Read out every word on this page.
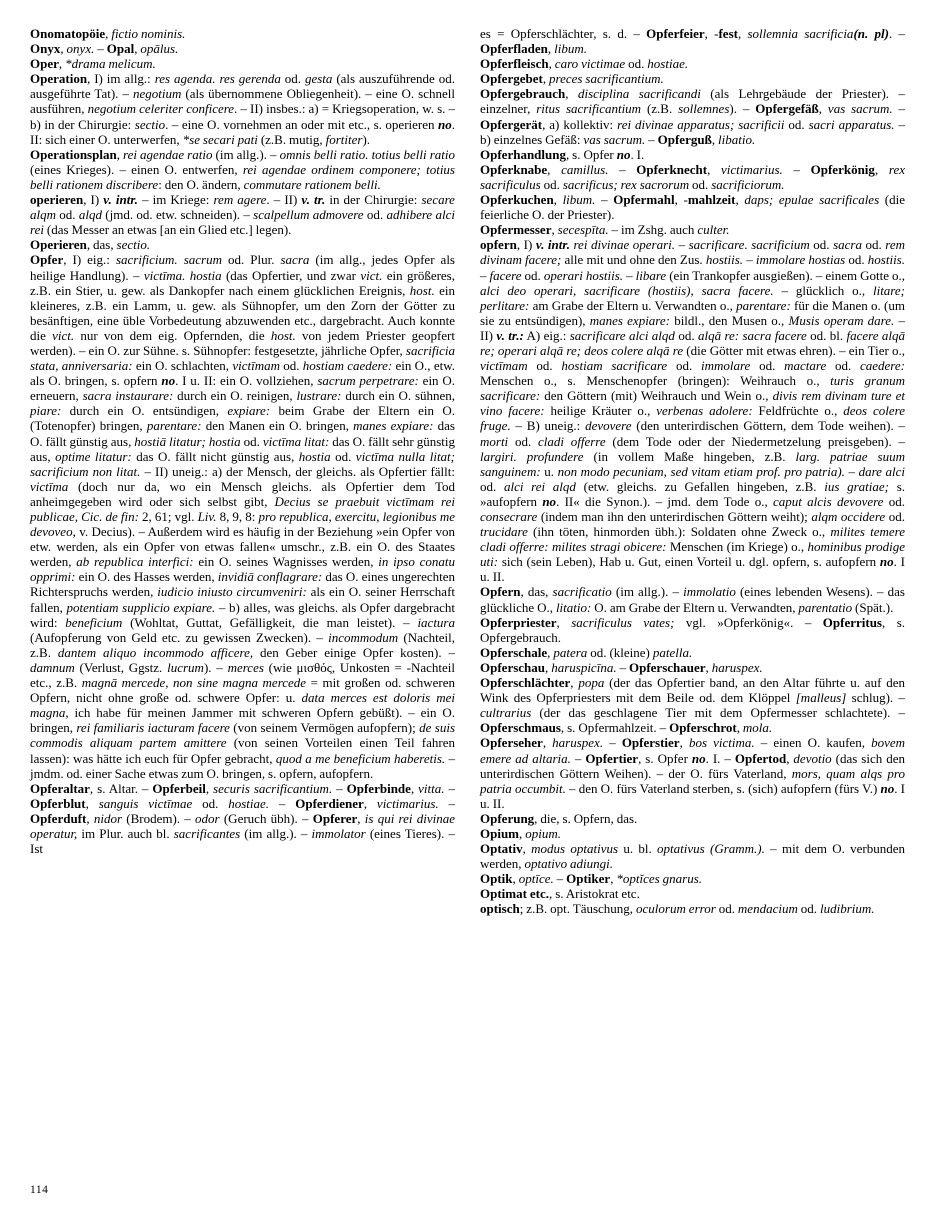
Onomatopöie, fictio nominis.

Onyx, onyx. – Opal, opālus.

Oper, *drama melicum.

Operation, I) im allg.: res agenda. res gerenda od. gesta (als auszuführende od. ausgeführte Tat). – negotium (als übernommene Obliegenheit). – eine O. schnell ausführen, negotium celeriter conficere. – II) insbes.: a) = Kriegsoperation, w. s. – b) in der Chirurgie: sectio. – eine O. vornehmen an oder mit etc., s. operieren no. II: sich einer O. unterwerfen, *se secari pati (z.B. mutig, fortiter).

Operationsplan, rei agendae ratio (im allg.). – omnis belli ratio. totius belli ratio (eines Krieges). – einen O. entwerfen, rei agendae ordinem componere; totius belli rationem discribere: den O. ändern, commutare rationem belli.

operieren, I) v. intr. – im Kriege: rem agere. – II) v. tr. in der Chirurgie: secare alqm od. alqd (jmd. od. etw. schneiden). – scalpellum admovere od. adhibere alci rei (das Messer an etwas [an ein Glied etc.] legen).

Operieren, das, sectio.

Opfer, I) eig.: sacrificium. sacrum od. Plur. sacra (im allg., jedes Opfer als heilige Handlung). – victīma. hostia (das Opfertier, und zwar vict. ein größeres, z.B. ein Stier, u. gew. als Dankopfer nach einem glücklichen Ereignis, host. ein kleineres, z.B. ein Lamm, u. gew. als Sühnopfer, um den Zorn der Götter zu besänftigen, eine üble Vorbedeutung abzuwenden etc., dargebracht. Auch konnte die vict. nur von dem eig. Opfernden, die host. von jedem Priester geopfert werden). – ein O. zur Sühne. s. Sühnopfer: festgesetzte, jährliche Opfer, sacrificia stata, anniversaria: ein O. schlachten, victīmam od. hostiam caedere: ein O., etw. als O. bringen, s. opfern no. I u. II: ein O. vollziehen, sacrum perpetrare: ein O. erneuern, sacra instaurare: durch ein O. reinigen, lustrare: durch ein O. sühnen, piare: durch ein O. entsündigen, expiare: beim Grabe der Eltern ein O. (Totenopfer) bringen, parentare: den Manen ein O. bringen, manes expiare: das O. fällt günstig aus, hostiā litatur; hostia od. victīma litat: das O. fällt sehr günstig aus, optime litatur: das O. fällt nicht günstig aus, hostia od. victīma nulla litat; sacrificium non litat. – II) uneig.: a) der Mensch, der gleichs. als Opfertier fällt: victīma (doch nur da, wo ein Mensch gleichs. als Opfertier dem Tod anheimgegeben wird oder sich selbst gibt, Decius se praebuit victīmam rei publicae, Cic. de fin: 2, 61; vgl. Liv. 8, 9, 8: pro republica, exercitu, legionibus me devoveo, v. Decius). – Außerdem wird es häufig in der Beziehung »ein Opfer von etw. werden, als ein Opfer von etwas fallen« umschr., z.B. ein O. des Staates werden, ab republica interfici: ein O. seines Wagnisses werden, in ipso conatu opprimi: ein O. des Hasses werden, invidiā conflagrare: das O. eines ungerechten Richterspruchs werden, iudicio iniusto circumveniri: als ein O. seiner Herrschaft fallen, potentiam supplicio expiare. – b) alles, was gleichs. als Opfer dargebracht wird: beneficium (Wohltat, Guttat, Gefälligkeit, die man leistet). – iactura (Aufopferung von Geld etc. zu gewissen Zwecken). – incommodum (Nachteil, z.B. dantem aliquo incommodo afficere, den Geber einige Opfer kosten). – damnum (Verlust, Ggstz. lucrum). – merces (wie μισθός, Unkosten = -Nachteil etc., z.B. magnā mercede, non sine magna mercede = mit großen od. schweren Opfern, nicht ohne große od. schwere Opfer: u. data merces est doloris mei magna, ich habe für meinen Jammer mit schweren Opfern gebüßt). – ein O. bringen, rei familiaris iacturam facere (von seinem Vermögen aufopfern); de suis commodis aliquam partem amittere (von seinen Vorteilen einen Teil fahren lassen): was hätte ich euch für Opfer gebracht, quod a me beneficium haberetis. – jmdm. od. einer Sache etwas zum O. bringen, s. opfern, aufopfern.

Opferaltar, s. Altar. – Opferbeil, securis sacrificantium. – Opferbinde, vitta. – Opferblut, sanguis victīmae od. hostiae. – Opferdiener, victimarius. – Opferduft, nidor (Brodem). – odor (Geruch übh). – Opferer, is qui rei divinae operatur, im Plur. auch bl. sacrificantes (im allg.). – immolator (eines Tieres). – Ist

es = Opferschlächter, s. d. – Opferfeier, -fest, sollemnia sacrificia(n. pl). – Opferfladen, libum.

Opferfleisch, caro victimae od. hostiae.

Opfergebet, preces sacrificantium.

Opfergebrauch, disciplina sacrificandi (als Lehrgebäude der Priester). – einzelner, ritus sacrificantium (z.B. sollemnes). – Opfergefäß, vas sacrum. – Opfergerät, a) kollektiv: rei divinae apparatus; sacrificii od. sacri apparatus. – b) einzelnes Gefäß: vas sacrum. – Opferguß, libatio.

Opferhandlung, s. Opfer no. I.

Opferknabe, camillus. – Opferknecht, victimarius. – Opferkönig, rex sacrificulus od. sacrificus; rex sacrorum od. sacrificiorum.

Opferkuchen, libum. – Opfermahl, -mahlzeit, daps; epulae sacrificales (die feierliche O. der Priester).

Opfermesser, secespīta. – im Zshg. auch culter.

opfern, I) v. intr. rei divinae operari. – sacrificare. sacrificium od. sacra od. rem divinam facere; alle mit und ohne den Zus. hostiis. – immolare hostias od. hostiis. – facere od. operari hostiis. – libare (ein Trankopfer ausgießen). – einem Gotte o., alci deo operari, sacrificare (hostiis), sacra facere. – glücklich o., litare; perlitare: am Grabe der Eltern u. Verwandten o., parentare: für die Manen o. (um sie zu entsündigen), manes expiare: bildl., den Musen o., Musis operam dare. – II) v. tr.: A) eig.: sacrificare alci alqd od. alqā re: sacra facere od. bl. facere alqā re; operari alqā re; deos colere alqā re (die Götter mit etwas ehren). – ein Tier o., victīmam od. hostiam sacrificare od. immolare od. mactare od. caedere: Menschen o., s. Menschenopfer (bringen): Weihrauch o., turis granum sacrificare: den Göttern (mit) Weihrauch und Wein o., divis rem divinam ture et vino facere: heilige Kräuter o., verbenas adolere: Feldfrüchte o., deos colere fruge. – B) uneig.: devovere (den unterirdischen Göttern, dem Tode weihen). – morti od. cladi offerre (dem Tode oder der Niedermetzelung preisgeben). – largiri. profundere (in vollem Maße hingeben, z.B. larg. patriae suum sanguinem: u. non modo pecuniam, sed vitam etiam prof. pro patria). – dare alci od. alci rei alqd (etw. gleichs. zu Gefallen hingeben, z.B. ius gratiae; s. »aufopfern no. II« die Synon.). – jmd. dem Tode o., caput alcis devovere od. consecrare (indem man ihn den unterirdischen Göttern weiht); alqm occidere od. trucidare (ihn töten, hinmorden übh.): Soldaten ohne Zweck o., milites temere cladi offerre: milites stragi obicere: Menschen (im Kriege) o., hominibus prodige uti: sich (sein Leben), Hab u. Gut, einen Vorteil u. dgl. opfern, s. aufopfern no. I u. II.

Opfern, das, sacrificatio (im allg.). – immolatio (eines lebenden Wesens). – das glückliche O., litatio: O. am Grabe der Eltern u. Verwandten, parentatio (Spät.).

Opferpriester, sacrificulus vates; vgl. »Opferkönig«. – Opferritus, s. Opfergebrauch.

Opferschale, patera od. (kleine) patella.

Opferschau, haruspicīna. – Opferschauer, haruspex.

Opferschlächter, popa (der das Opfertier band, an den Altar führte u. auf den Wink des Opferpriesters mit dem Beile od. dem Klöppel [malleus] schlug). – cultrarius (der das geschlagene Tier mit dem Opfermesser schlachtete). – Opferschmaus, s. Opfermahlzeit. – Opferschrot, mola.

Opferseher, haruspex. – Opferstier, bos victima. – einen O. kaufen, bovem emere ad altaria. – Opfertier, s. Opfer no. I. – Opfertod, devotio (das sich den unterirdischen Göttern Weihen). – der O. fürs Vaterland, mors, quam alqs pro patria occumbit. – den O. fürs Vaterland sterben, s. (sich) aufopfern (fürs V.) no. I u. II.

Opferung, die, s. Opfern, das.

Opium, opium.

Optativ, modus optativus u. bl. optativus (Gramm.). – mit dem O. verbunden werden, optativo adiungi.

Optik, optīce. – Optiker, *optĭces gnarus.

Optimat etc., s. Aristokrat etc.

optisch; z.B. opt. Täuschung, oculorum error od. mendacium od. ludibrium.

114
